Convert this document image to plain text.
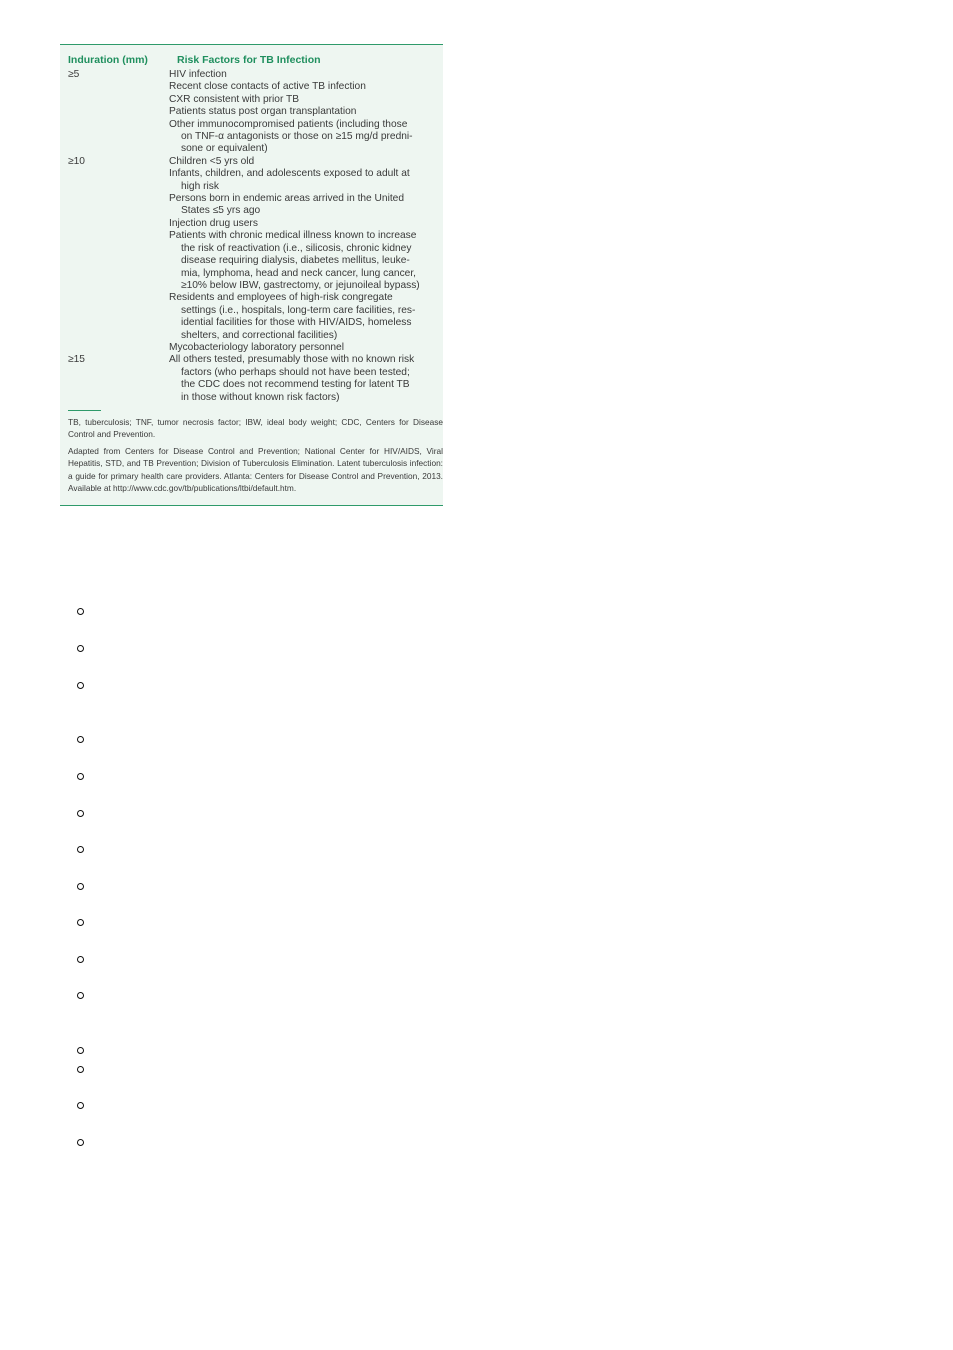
Induration (mm)	Risk Factors for TB Infection
≥5	HIV infection
Recent close contacts of active TB infection
CXR consistent with prior TB
Patients status post organ transplantation
Other immunocompromised patients (including those
on TNF-α antagonists or those on ≥15 mg/d predni-
sone or equivalent)
≥10	Children <5 yrs old
Infants, children, and adolescents exposed to adult at
high risk
Persons born in endemic areas arrived in the United
States ≤5 yrs ago
Injection drug users
Patients with chronic medical illness known to increase
the risk of reactivation (i.e., silicosis, chronic kidney
disease requiring dialysis, diabetes mellitus, leuke-
mia, lymphoma, head and neck cancer, lung cancer,
≥10% below IBW, gastrectomy, or jejunoileal bypass)
Residents and employees of high-risk congregate
settings (i.e., hospitals, long-term care facilities, res-
idential facilities for those with HIV/AIDS, homeless
shelters, and correctional facilities)
Mycobacteriology laboratory personnel
≥15	All others tested, presumably those with no known risk
factors (who perhaps should not have been tested;
the CDC does not recommend testing for latent TB
in those without known risk factors)
TB, tuberculosis; TNF, tumor necrosis factor; IBW, ideal body weight; CDC, Centers for Disease Control and Prevention.
Adapted from Centers for Disease Control and Prevention; National Center for HIV/AIDS, Viral Hepatitis, STD, and TB Prevention; Division of Tuberculosis Elimination. Latent tuberculosis infection: a guide for primary health care providers. Atlanta: Centers for Disease Control and Prevention, 2013. Available at http://www.cdc.gov/tb/publications/ltbi/default.htm.
